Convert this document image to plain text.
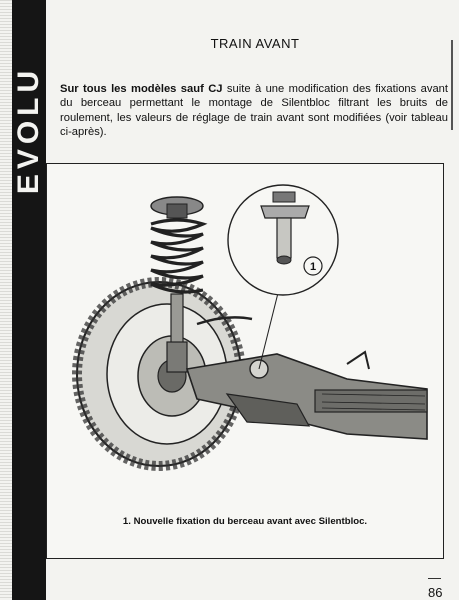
EVOLU
TRAIN AVANT
Sur tous les modèles sauf CJ suite à une modification des fixations avant du berceau permettant le montage de Silentbloc filtrant les bruits de roulement, les valeurs de réglage de train avant sont modifiées (voir tableau ci-après).
1
1. Nouvelle fixation du berceau avant avec Silentbloc.
— 86
